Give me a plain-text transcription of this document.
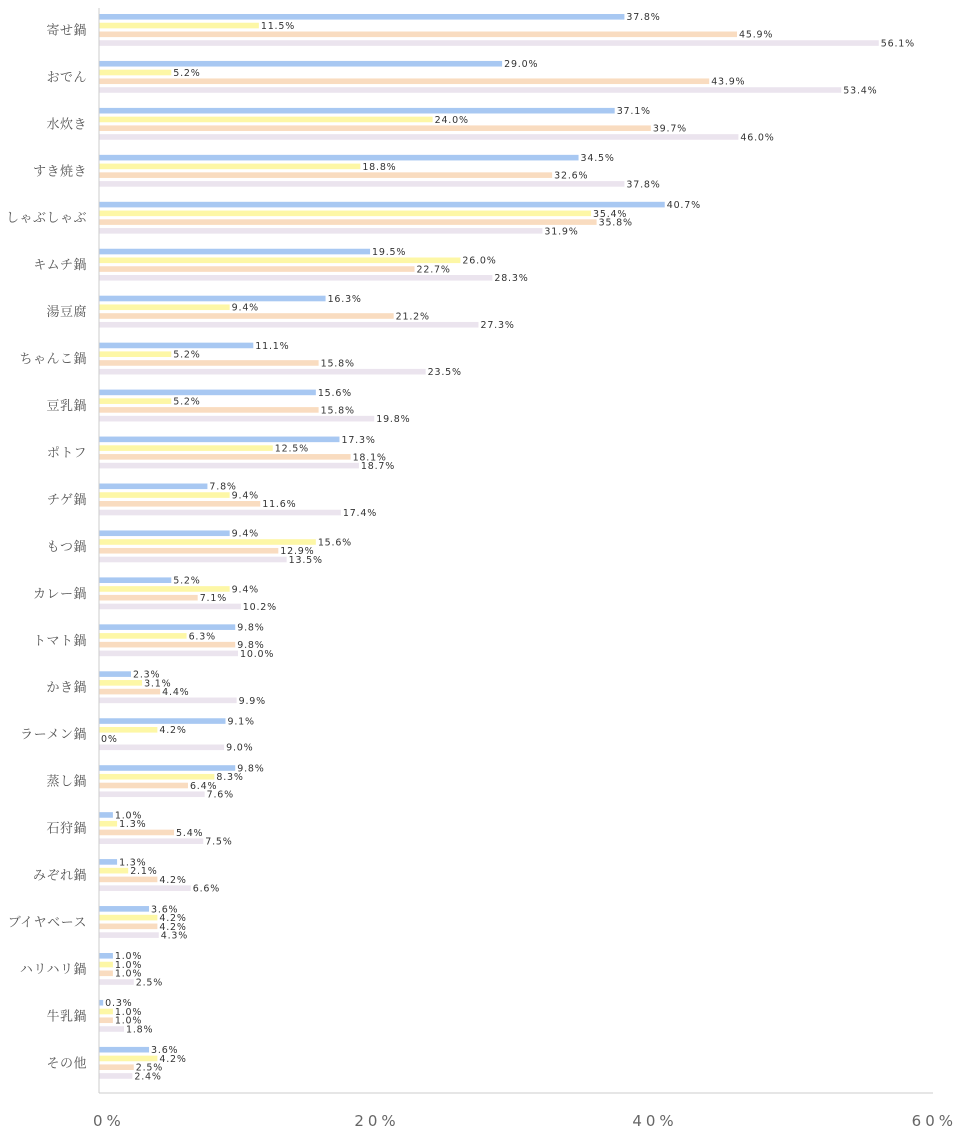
37.8%
11.5%
45.9%
56.1%
29.0%
5.2%
43.9%
53.4%
37.1%
24.0%
39.7%
46.0%
34.5%
18.8%
32.6%
37.8%
40.7%
35.4%
35.8%
31.9%
19.5%
26.0%
22.7%
28.3%
16.3%
9.4%
21.2%
27.3%
11.1%
5.2%
15.8%
23.5%
15.6%
5.2%
15.8%
19.8%
17.3%
12.5%
18.1%
18.7%
7.8%
9.4%
11.6%
17.4%
9.4%
15.6%
12.9%
13.5%
5.2%
9.4%
7.1%
10.2%
9.8%
6.3%
9.8%
10.0%
2.3%
3.1%
4.4%
9.9%
9.1%
4.2%
0%
9.0%
9.8%
8.3%
6.4%
7.6%
1.0%
1.3%
5.4%
7.5%
1.3%
2.1%
4.2%
6.6%
3.6%
4.2%
4.2%
4.3%
1.0%
1.0%
1.0%
2.5%
0.3%
1.0%
1.0%
1.8%
3.6%
4.2%
2.5%
2.4%
寄せ鍋
おでん
水炊き
すき焼き
しゃぶしゃぶ
キムチ鍋
湯豆腐
ちゃんこ鍋
豆乳鍋
ポトフ
チゲ鍋
もつ鍋
カレー鍋
トマト鍋
かき鍋
ラーメン鍋
蒸し鍋
石狩鍋
みぞれ鍋
ブイヤベース
ハリハリ鍋
牛乳鍋
その他
0%	20%	40%	60%
